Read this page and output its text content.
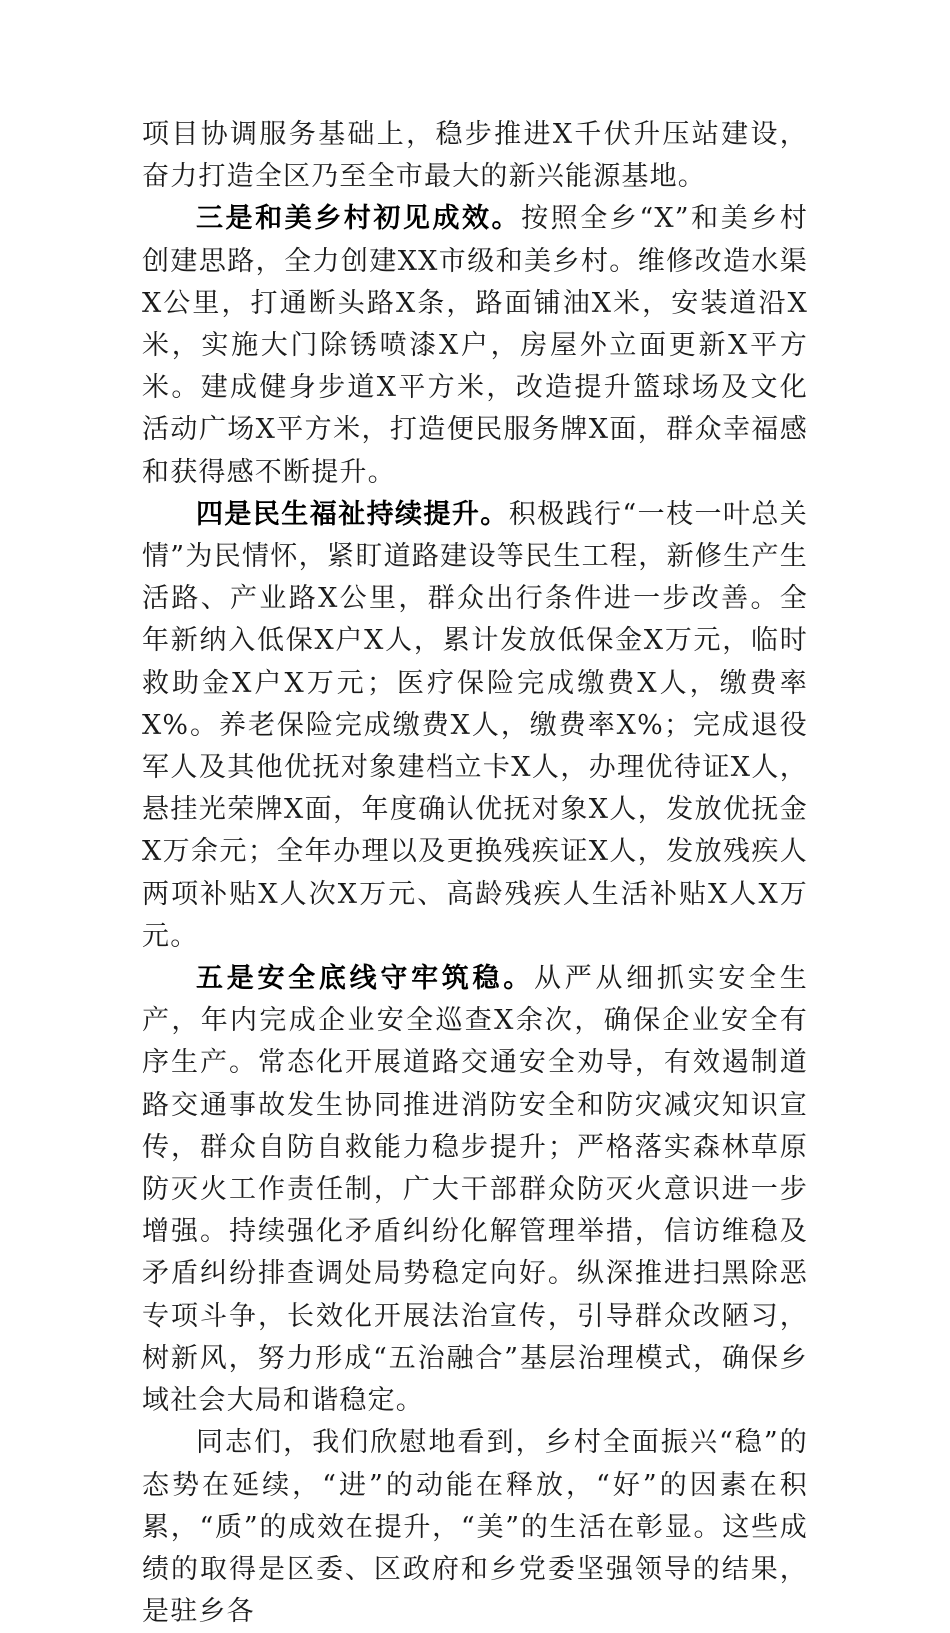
项目协调服务基础上，稳步推进X千伏升压站建设，奋力打造全区乃至全市最大的新兴能源基地。

三是和美乡村初见成效。按照全乡“X”和美乡村创建思路，全力创建XX市级和美乡村。维修改造水渠X公里，打通断头路X条，路面铺油X米，安装道沿X米，实施大门除锈喷漆X户，房屋外立面更新X平方米。建成健身步道X平方米，改造提升篮球场及文化活动广场X平方米，打造便民服务牌X面，群众幸福感和获得感不断提升。

四是民生福祉持续提升。积极践行“一枝一叶总关情”为民情怀，紧盯道路建设等民生工程，新修生产生活路、产业路X公里，群众出行条件进一步改善。全年新纳入低保X户X人，累计发放低保金X万元，临时救助金X户X万元；医疗保险完成缴费X人，缴费率X%。养老保险完成缴费X人，缴费率X%；完成退役军人及其他优抚对象建档立卡X人，办理优待证X人，悬挂光荣牌X面，年度确认优抚对象X人，发放优抚金X万余元；全年办理以及更换残疾证X人，发放残疾人两项补贴X人次X万元、高龄残疾人生活补贴X人X万元。

五是安全底线守牢筑稳。从严从细抓实安全生产，年内完成企业安全巡查X余次，确保企业安全有序生产。常态化开展道路交通安全劝导，有效遏制道路交通事故发生协同推进消防安全和防灾减灾知识宣传，群众自防自救能力稳步提升；严格落实森林草原防灭火工作责任制，广大干部群众防灭火意识进一步增强。持续强化矛盾纠纷化解管理举措，信访维稳及矛盾纠纷排查调处局势稳定向好。纵深推进扫黑除恶专项斗争，长效化开展法治宣传，引导群众改陋习，树新风，努力形成“五治融合”基层治理模式，确保乡域社会大局和谐稳定。

同志们，我们欣慰地看到，乡村全面振兴“稳”的态势在延续，“进”的动能在释放，“好”的因素在积累，“质”的成效在提升，“美”的生活在彰显。这些成绩的取得是区委、区政府和乡党委坚强领导的结果，是驻乡各
